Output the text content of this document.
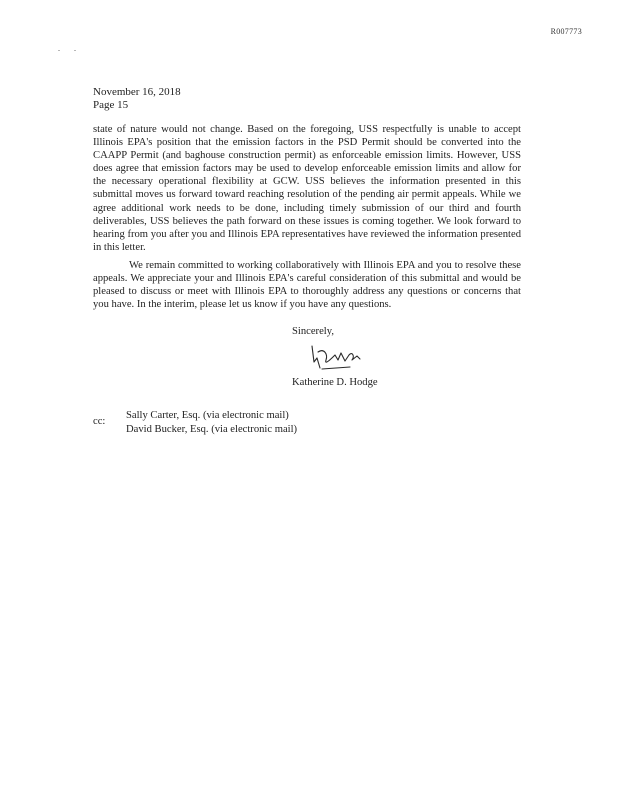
R007773
. .
November 16, 2018
Page 15

state of nature would not change. Based on the foregoing, USS respectfully is unable to accept Illinois EPA's position that the emission factors in the PSD Permit should be converted into the CAAPP Permit (and baghouse construction permit) as enforceable emission limits. However, USS does agree that emission factors may be used to develop enforceable emission limits and allow for the necessary operational flexibility at GCW. USS believes the information presented in this submittal moves us forward toward reaching resolution of the pending air permit appeals. While we agree additional work needs to be done, including timely submission of our third and fourth deliverables, USS believes the path forward on these issues is coming together. We look forward to hearing from you after you and Illinois EPA representatives have reviewed the information presented in this letter.

We remain committed to working collaboratively with Illinois EPA and you to resolve these appeals. We appreciate your and Illinois EPA's careful consideration of this submittal and would be pleased to discuss or meet with Illinois EPA to thoroughly address any questions or concerns that you have. In the interim, please let us know if you have any questions.

Sincerely,
Katherine D. Hodge
cc:
Sally Carter, Esq. (via electronic mail)
David Bucker, Esq. (via electronic mail)
